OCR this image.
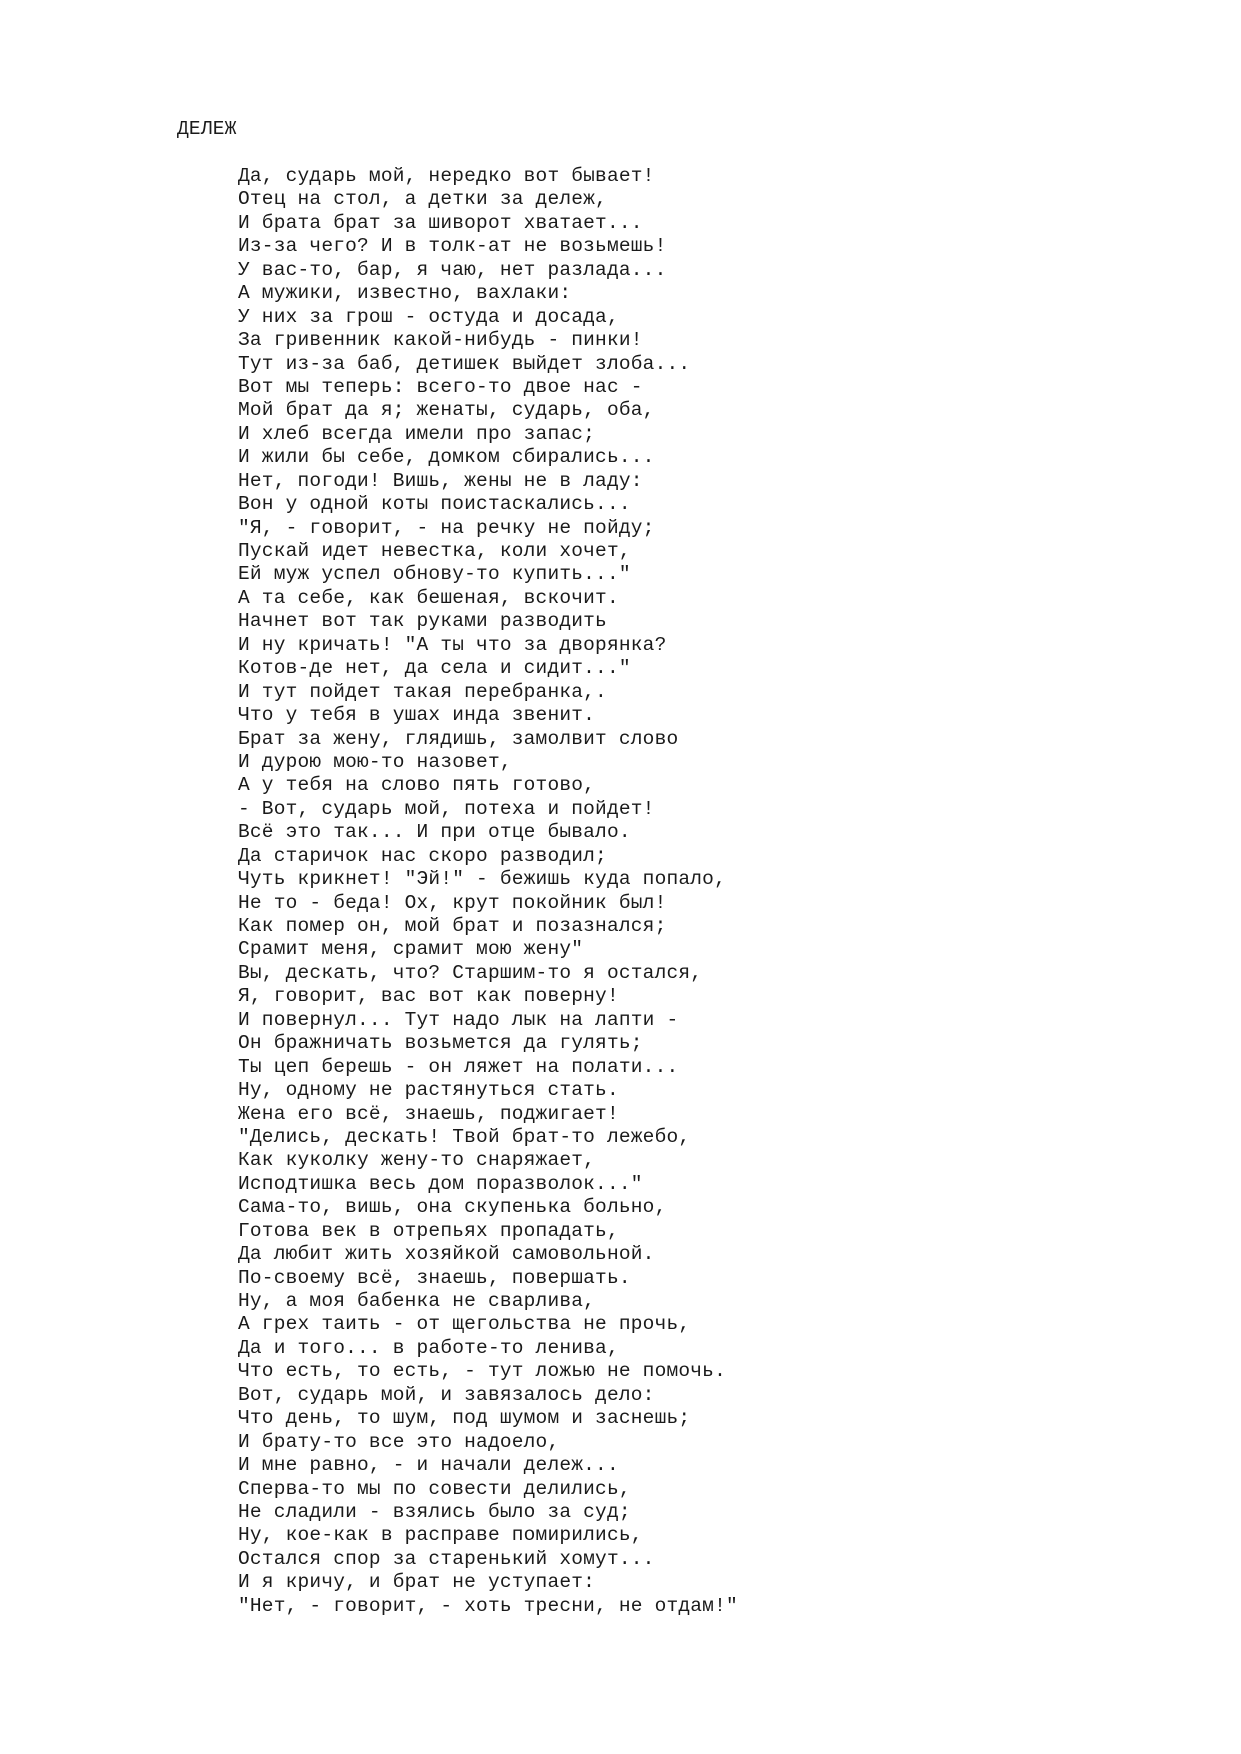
ДЕЛЕЖ
Да, сударь мой, нередко вот бывает!
Отец на стол, а детки за дележ,
И брата брат за шиворот хватает...
Из-за чего? И в толк-ат не возьмешь!
У вас-то, бар, я чаю, нет разлада...
А мужики, известно, вахлаки:
У них за грош - остуда и досада,
За гривенник какой-нибудь - пинки!
Тут из-за баб, детишек выйдет злоба...
Вот мы теперь: всего-то двое нас -
Мой брат да я; женаты, сударь, оба,
И хлеб всегда имели про запас;
И жили бы себе, домком сбирались...
Нет, погоди! Вишь, жены не в ладу:
Вон у одной коты поистаскались...
"Я, - говорит, - на речку не пойду;
Пускай идет невестка, коли хочет,
Ей муж успел обнову-то купить..."
А та себе, как бешеная, вскочит.
Начнет вот так руками разводить
И ну кричать! "А ты что за дворянка?
Котов-де нет, да села и сидит..."
И тут пойдет такая перебранка,.
Что у тебя в ушах инда звенит.
Брат за жену, глядишь, замолвит слово
И дурою мою-то назовет,
А у тебя на слово пять готово,
- Вот, сударь мой, потеха и пойдет!
Всё это так... И при отце бывало.
Да старичок нас скоро разводил;
Чуть крикнет! "Эй!" - бежишь куда попало,
Не то - беда! Ох, крут покойник был!
Как помер он, мой брат и позазнался;
Срамит меня, срамит мою жену"
Вы, дескать, что? Старшим-то я остался,
Я, говорит, вас вот как поверну!
И повернул... Тут надо лык на лапти -
Он бражничать возьмется да гулять;
Ты цеп берешь - он ляжет на полати...
Ну, одному не растянуться стать.
Жена его всё, знаешь, поджигает!
"Делись, дескать! Твой брат-то лежебо,
Как куколку жену-то снаряжает,
Исподтишка весь дом поразволок..."
Сама-то, вишь, она скупенька больно,
Готова век в отрепьях пропадать,
Да любит жить хозяйкой самовольной.
По-своему всё, знаешь, повершать.
Ну, а моя бабенка не сварлива,
А грех таить - от щегольства не прочь,
Да и того... в работе-то ленива,
Что есть, то есть, - тут ложью не помочь.
Вот, сударь мой, и завязалось дело:
Что день, то шум, под шумом и заснешь;
И брату-то все это надоело,
И мне равно, - и начали дележ...
Сперва-то мы по совести делились,
Не сладили - взялись было за суд;
Ну, кое-как в расправе помирились,
Остался спор за старенький хомут...
И я кричу, и брат не уступает:
"Нет, - говорит, - хоть тресни, не отдам!"
